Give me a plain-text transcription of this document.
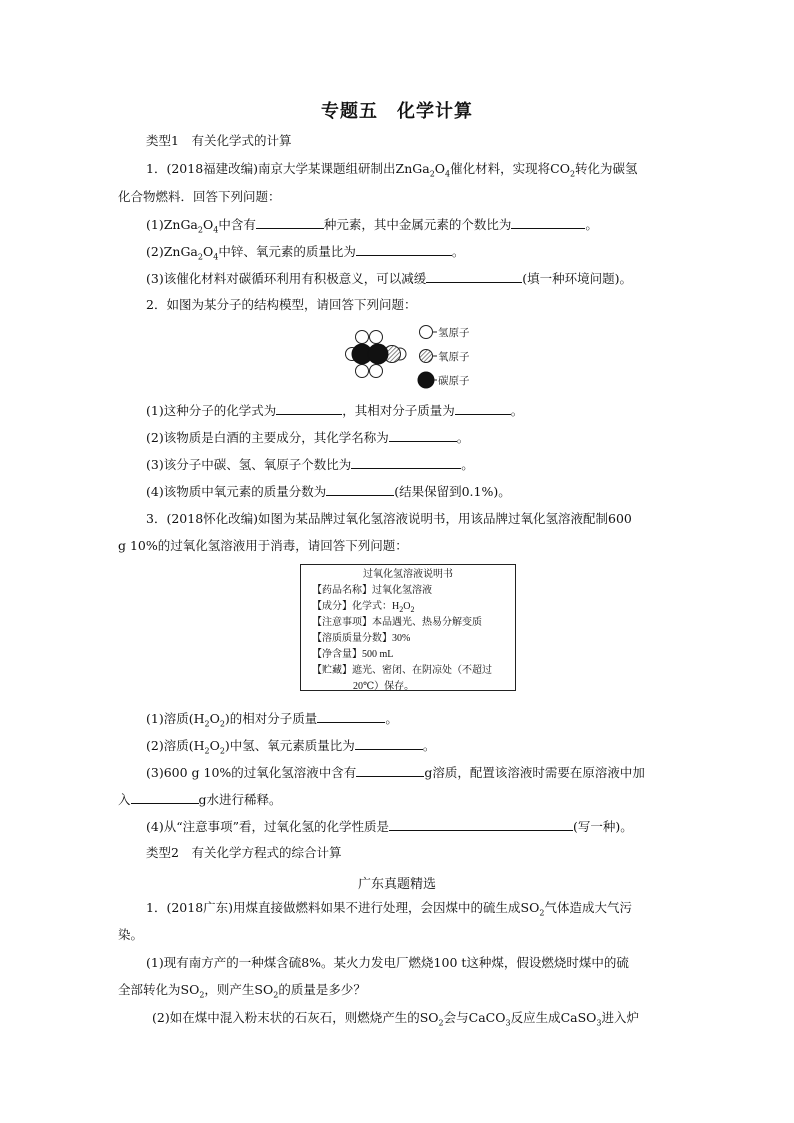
专题五　化学计算
类型1　有关化学式的计算
1．(2018福建改编)南京大学某课题组研制出$ZnGa_2O_4$催化材料，实现将$CO_2$转化为碳氢
化合物燃料．回答下列问题：
$(1)ZnGa_2O_4$中含有	种元素，其中金属元素的个数比为	。
$(2)ZnGa_2O_4$中锌、氧元素的质量比为	。
(3)该催化材料对碳循环利用有积极意义，可以减缓	(填一种环境问题)。
2．如图为某分子的结构模型，请回答下列问题：
氢原子
氧原子
碳原子
(1)这种分子的化学式为	，其相对分子质量为	。
(2)该物质是白酒的主要成分，其化学名称为	。
(3)该分子中碳、氢、氧原子个数比为	。
(4)该物质中氧元素的质量分数为	(结果保留到0.1%)。
3．(2018怀化改编)如图为某品牌过氧化氢溶液说明书，用该品牌过氧化氢溶液配制600
g 10%的过氧化氢溶液用于消毒，请回答下列问题：
过氧化氢溶液说明书
【药品名称】过氧化氢溶液
【成分】化学式：$H_2O_2$
【注意事项】本品遇光、热易分解变质
【溶质质量分数】30%
【净含量】500 mL
【贮藏】遮光、密闭、在阴凉处（不超过
20℃）保存。
(1)溶质$(H_2O_2)$的相对分子质量	。
(2)溶质$(H_2O_2)$中氢、氧元素质量比为	。
(3)600 g 10%的过氧化氢溶液中含有	g溶质，配置该溶液时需要在原溶液中加
入	g水进行稀释。
(4)从“注意事项”看，过氧化氢的化学性质是	(写一种)。
类型2　有关化学方程式的综合计算
广东真题精选
1．(2018广东)用煤直接做燃料如果不进行处理，会因煤中的硫生成$SO_2$气体造成大气污
染。
(1)现有南方产的一种煤含硫8%。某火力发电厂燃烧100 t这种煤，假设燃烧时煤中的硫
全部转化为$SO_2$，则产生$SO_2$的质量是多少？
(2)如在煤中混入粉末状的石灰石，则燃烧产生的$SO_2$会与CaCO$_3$反应生成CaSO$_3$进入炉
